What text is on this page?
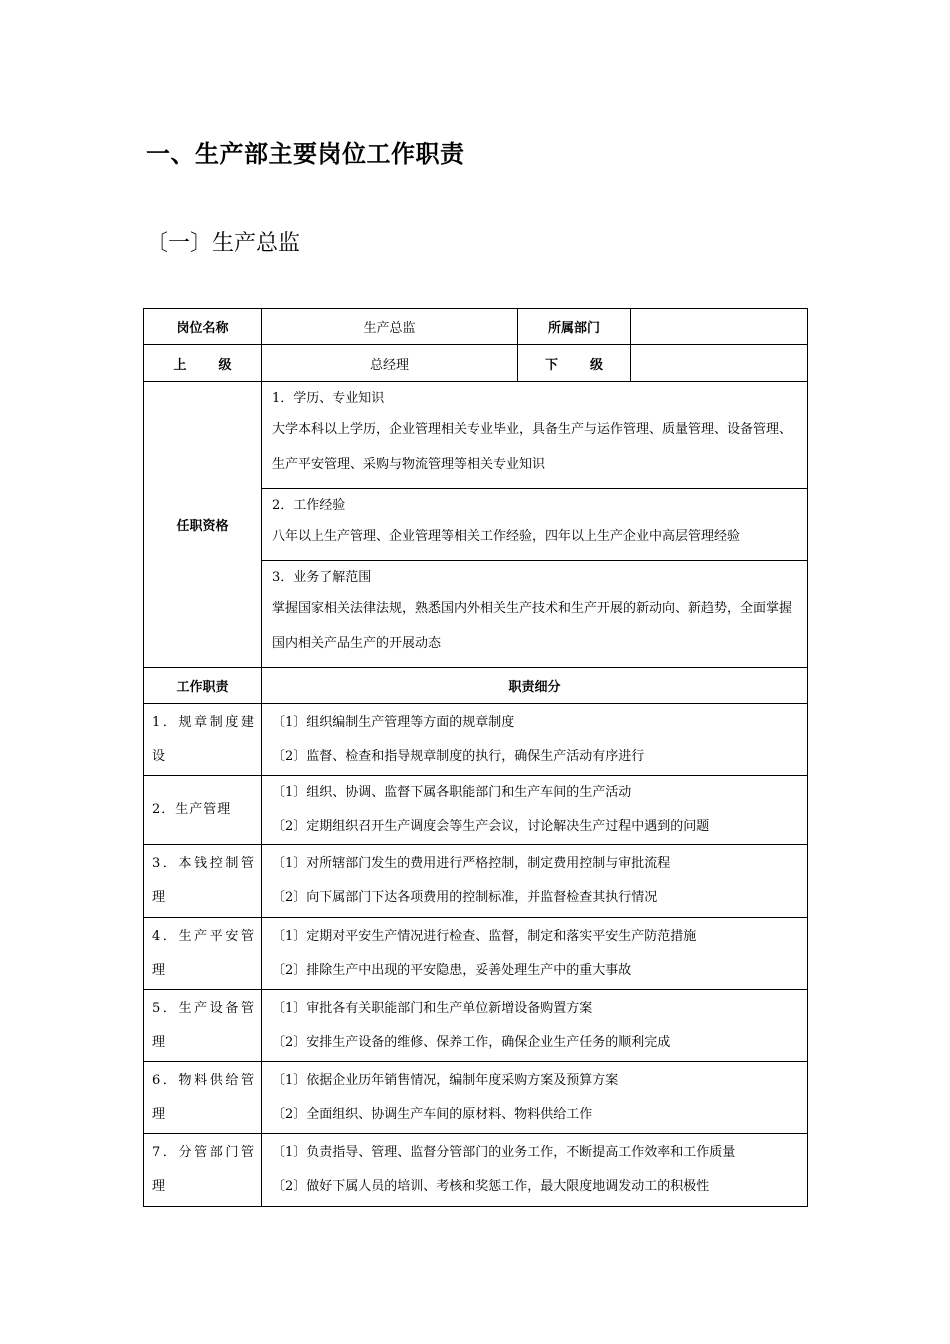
一、生产部主要岗位工作职责
〔一〕生产总监
岗位名称	生产总监	所属部门	
上 级	总经理	下 级	
任职资格	1．学历、专业知识
大学本科以上学历，企业管理相关专业毕业，具备生产与运作管理、质量管理、设备管理、生产平安管理、采购与物流管理等相关专业知识		

	2．工作经验
八年以上生产管理、企业管理等相关工作经验，四年以上生产企业中高层管理经验		

	3．业务了解范围
掌握国家相关法律法规，熟悉国内外相关生产技术和生产开展的新动向、新趋势，全面掌握国内相关产品生产的开展动态		

工作职责	职责细分		
1．规章制度建设	〔1〕组织编制生产管理等方面的规章制度
〔2〕监督、检查和指导规章制度的执行，确保生产活动有序进行		

2．生产管理	〔1〕组织、协调、监督下属各职能部门和生产车间的生产活动
〔2〕定期组织召开生产调度会等生产会议，讨论解决生产过程中遇到的问题		

3．本钱控制管理	〔1〕对所辖部门发生的费用进行严格控制，制定费用控制与审批流程
〔2〕向下属部门下达各项费用的控制标准，并监督检查其执行情况		

4．生产平安管理	〔1〕定期对平安生产情况进行检查、监督，制定和落实平安生产防范措施
〔2〕排除生产中出现的平安隐患，妥善处理生产中的重大事故		

5．生产设备管理	〔1〕审批各有关职能部门和生产单位新增设备购置方案
〔2〕安排生产设备的维修、保养工作，确保企业生产任务的顺利完成		

6．物料供给管理	〔1〕依据企业历年销售情况，编制年度采购方案及预算方案
〔2〕全面组织、协调生产车间的原材料、物料供给工作		

7．分管部门管理	〔1〕负责指导、管理、监督分管部门的业务工作，不断提高工作效率和工作质量
〔2〕做好下属人员的培训、考核和奖惩工作，最大限度地调发动工的积极性		
